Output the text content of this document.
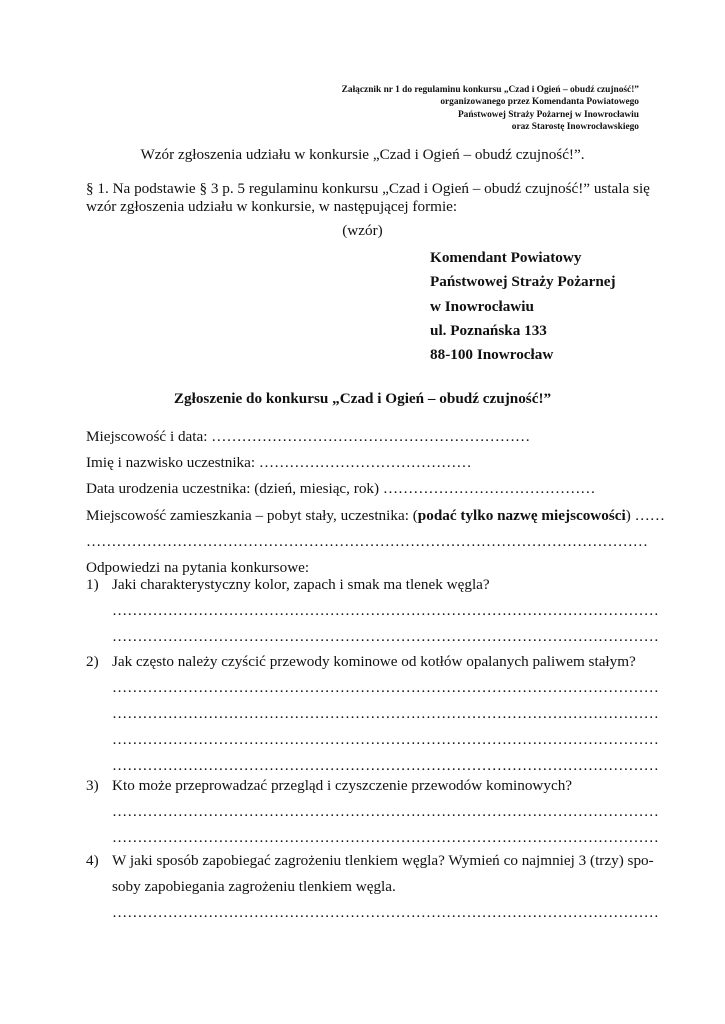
Załącznik nr 1 do regulaminu konkursu „Czad i Ogień – obudź czujność!”
organizowanego przez Komendanta Powiatowego
Państwowej Straży Pożarnej w Inowrocławiu
oraz Starostę Inowrocławskiego
Wzór zgłoszenia udziału w konkursie „Czad i Ogień – obudź czujność!”.
§ 1. Na podstawie § 3 p. 5 regulaminu konkursu „Czad i Ogień – obudź czujność!” ustala się
wzór zgłoszenia udziału w konkursie, w następującej formie:
(wzór)
Komendant Powiatowy
Państwowej Straży Pożarnej
w Inowrocławiu
ul. Poznańska 133
88-100 Inowrocław
Zgłoszenie do konkursu „Czad i Ogień – obudź czujność!”
Miejscowość i data: ………………………………………………………
Imię i nazwisko uczestnika: ……………………………………
Data urodzenia uczestnika: (dzień, miesiąc, rok) ……………………………………
Miejscowość zamieszkania – pobyt stały, uczestnika: (podać tylko nazwę miejscowości) ……
…………………………………………………………………………………………………
Odpowiedzi na pytania konkursowe:
1) Jaki charakterystyczny kolor, zapach i smak ma tlenek węgla?
………………………………………………………………………………………………
………………………………………………………………………………………………
2) Jak często należy czyścić przewody kominowe od kotłów opalanych paliwem stałym?
………………………………………………………………………………………………
………………………………………………………………………………………………
………………………………………………………………………………………………
………………………………………………………………………………………………
3) Kto może przeprowadzać przegląd i czyszczenie przewodów kominowych?
………………………………………………………………………………………………
………………………………………………………………………………………………
4) W jaki sposób zapobiegać zagrożeniu tlenkiem węgla? Wymień co najmniej 3 (trzy) spo-
soby zapobiegania zagrożeniu tlenkiem węgla.
………………………………………………………………………………………………
